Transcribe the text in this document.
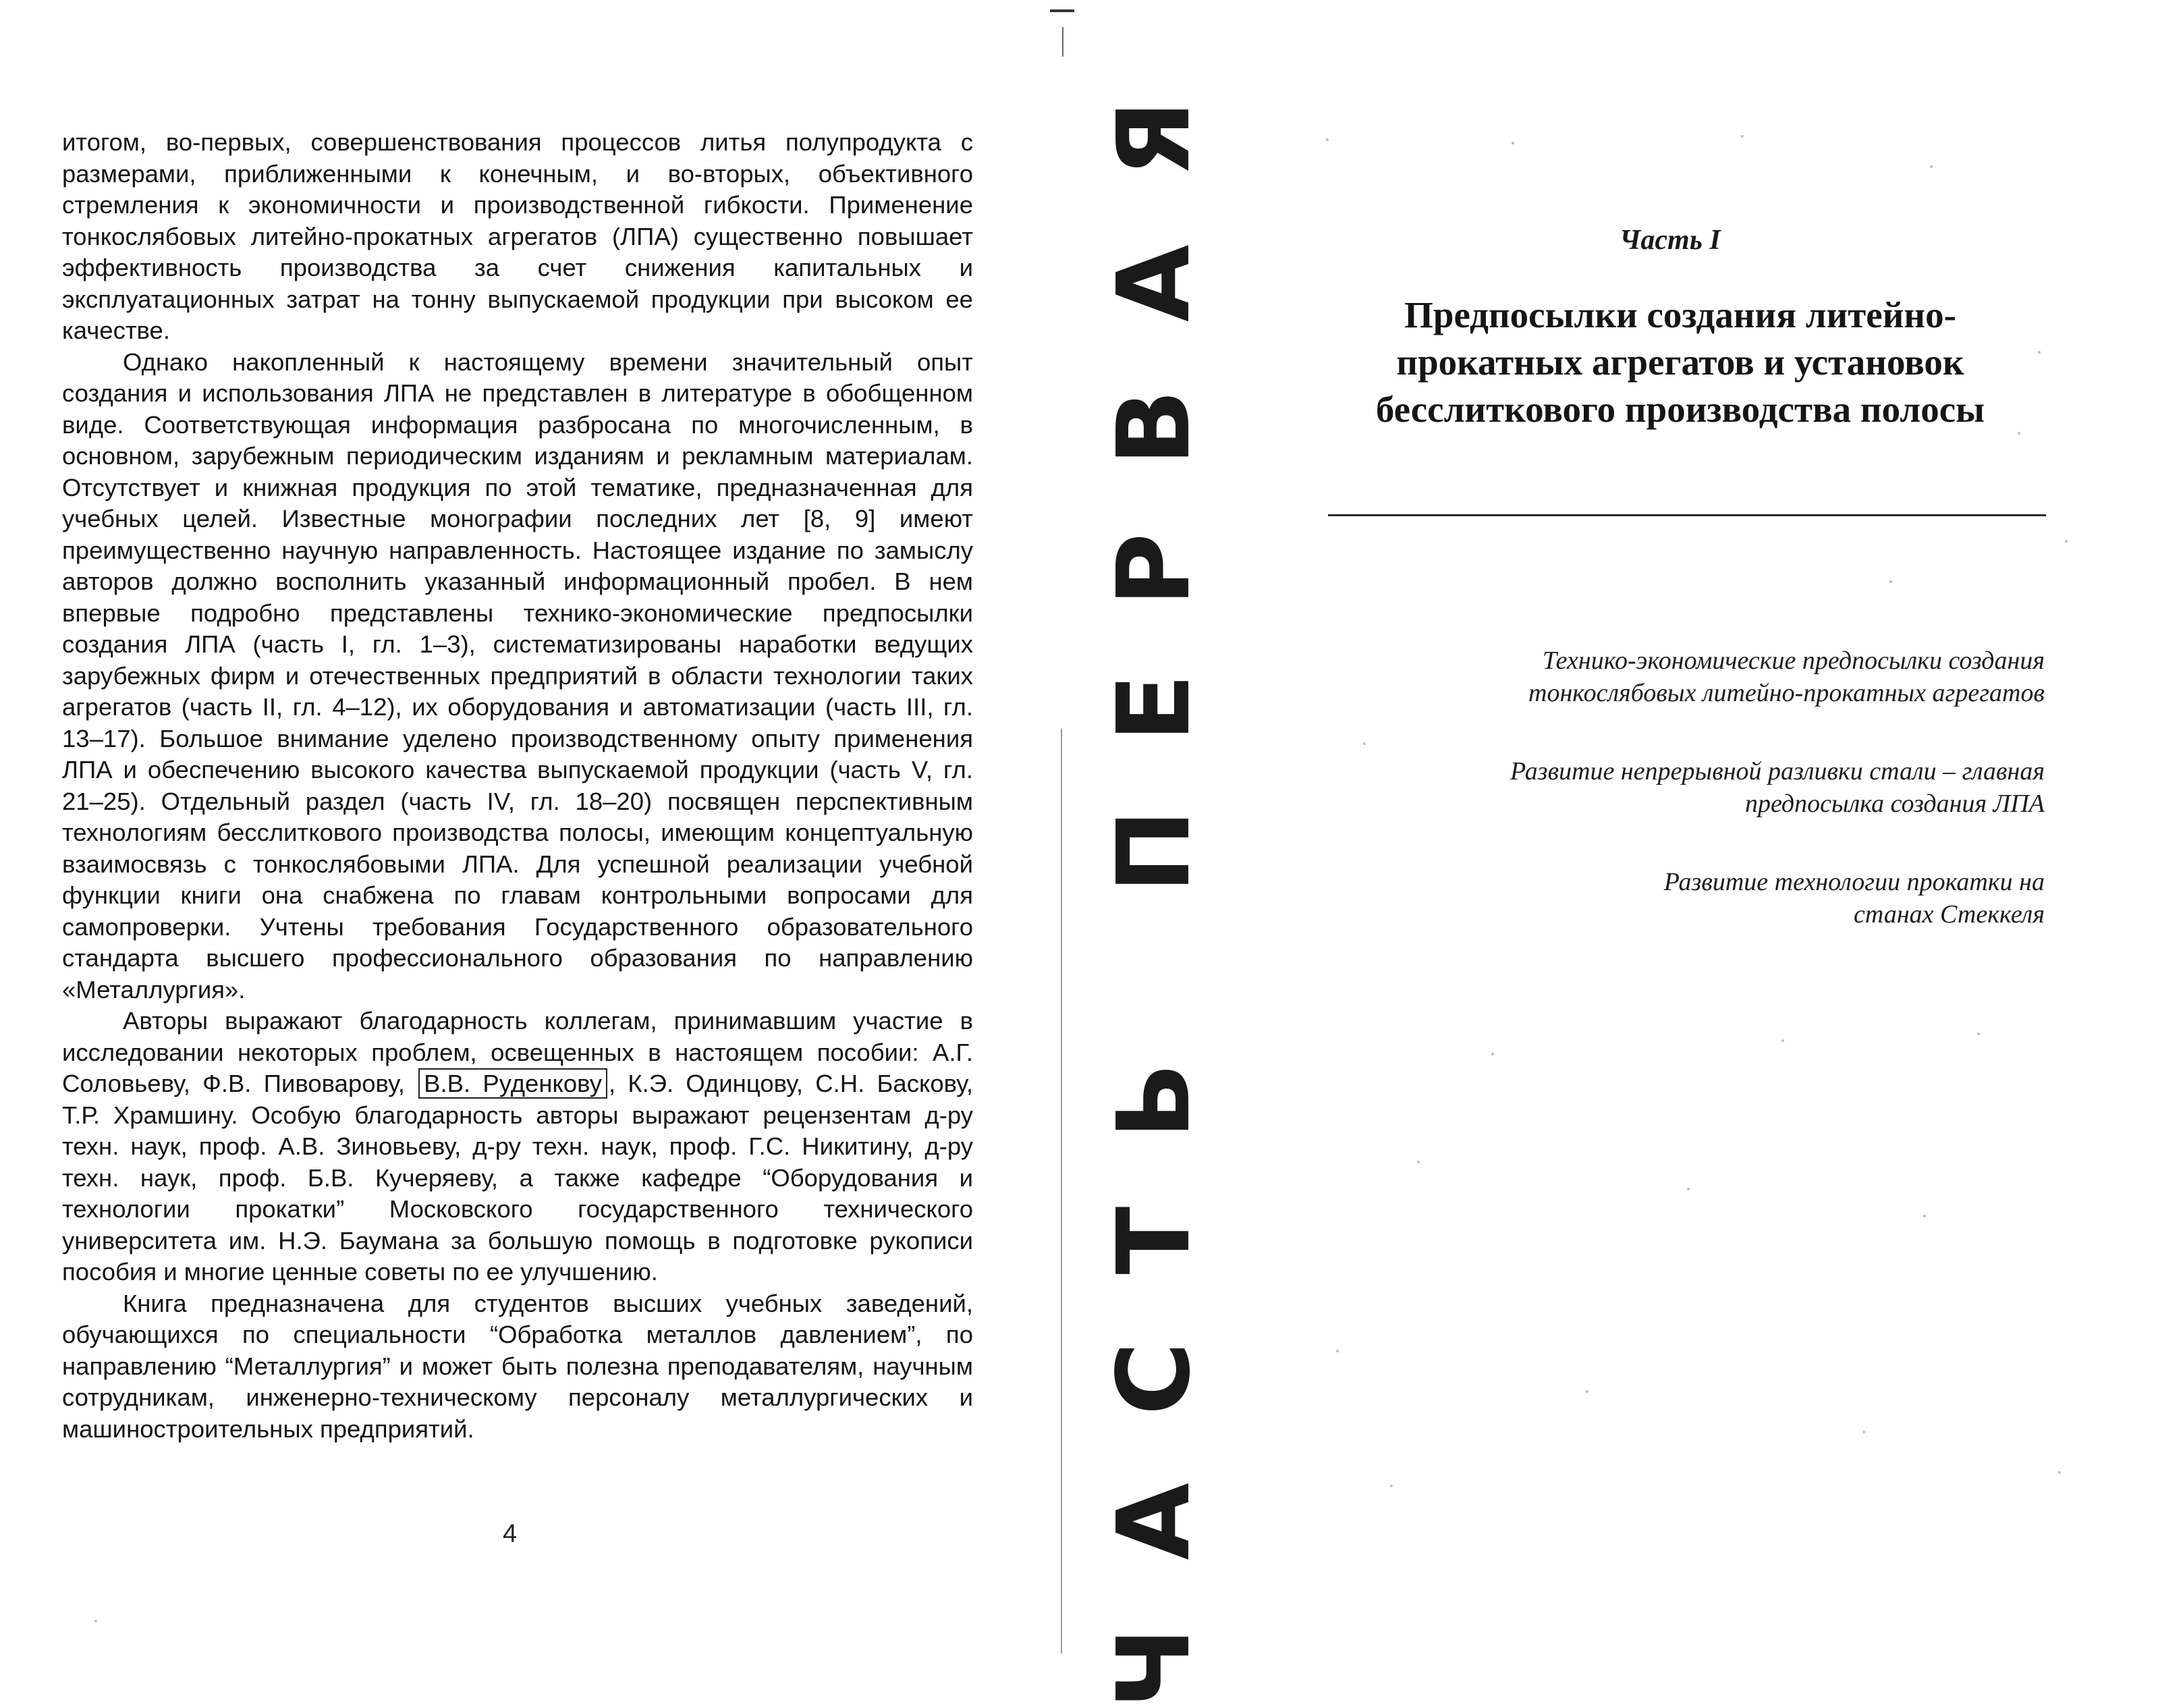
итогом, во-первых, совершенствования процессов литья полупродукта с размерами, приближенными к конечным, и во-вторых, объективного стремления к экономичности и производственной гибкости. Применение тонкослябовых литейно-прокатных агрегатов (ЛПА) существенно повышает эффективность производства за счет снижения капитальных и эксплуатационных затрат на тонну выпускаемой продукции при высоком ее качестве.

Однако накопленный к настоящему времени значительный опыт создания и использования ЛПА не представлен в литературе в обобщенном виде. Соответствующая информация разбросана по многочисленным, в основном, зарубежным периодическим изданиям и рекламным материалам. Отсутствует и книжная продукция по этой тематике, предназначенная для учебных целей. Известные монографии последних лет [8, 9] имеют преимущественно научную направленность. Настоящее издание по замыслу авторов должно восполнить указанный информационный пробел. В нем впервые подробно представлены технико-экономические предпосылки создания ЛПА (часть I, гл. 1–3), систематизированы наработки ведущих зарубежных фирм и отечественных предприятий в области технологии таких агрегатов (часть II, гл. 4–12), их оборудования и автоматизации (часть III, гл. 13–17). Большое внимание уделено производственному опыту применения ЛПА и обеспечению высокого качества выпускаемой продукции (часть V, гл. 21–25). Отдельный раздел (часть IV, гл. 18–20) посвящен перспективным технологиям бесслиткового производства полосы, имеющим концептуальную взаимосвязь с тонкослябовыми ЛПА. Для успешной реализации учебной функции книги она снабжена по главам контрольными вопросами для самопроверки. Учтены требования Государственного образовательного стандарта высшего профессионального образования по направлению «Металлургия».

Авторы выражают благодарность коллегам, принимавшим участие в исследовании некоторых проблем, освещенных в настоящем пособии: А.Г. Соловьеву, Ф.В. Пивоварову, В.В. Руденкову , К.Э. Одинцову, С.Н. Баскову, Т.Р. Храмшину. Особую благодарность авторы выражают рецензентам д-ру техн. наук, проф. А.В. Зиновьеву, д-ру техн. наук, проф. Г.С. Никитину, д-ру техн. наук, проф. Б.В. Кучеряеву, а также кафедре “Оборудования и технологии прокатки” Московского государственного технического университета им. Н.Э. Баумана за большую помощь в подготовке рукописи пособия и многие ценные советы по ее улучшению.

Книга предназначена для студентов высших учебных заведений, обучающихся по специальности “Обработка металлов давлением”, по направлению “Металлургия” и может быть полезна преподавателям, научным сотрудникам, инженерно-техническому персоналу металлургических и машиностроительных предприятий.

4	ЧАСТЬ ПЕРВАЯ	Часть I
Предпосылки создания литейно-прокатных агрегатов и установок бесслиткового производства полосы
Технико-экономические предпосылки создания тонкослябовых литейно-прокатных агрегатов
Развитие непрерывной разливки стали – главная предпосылка создания ЛПА
Развитие технологии прокатки на станах Стеккеля
